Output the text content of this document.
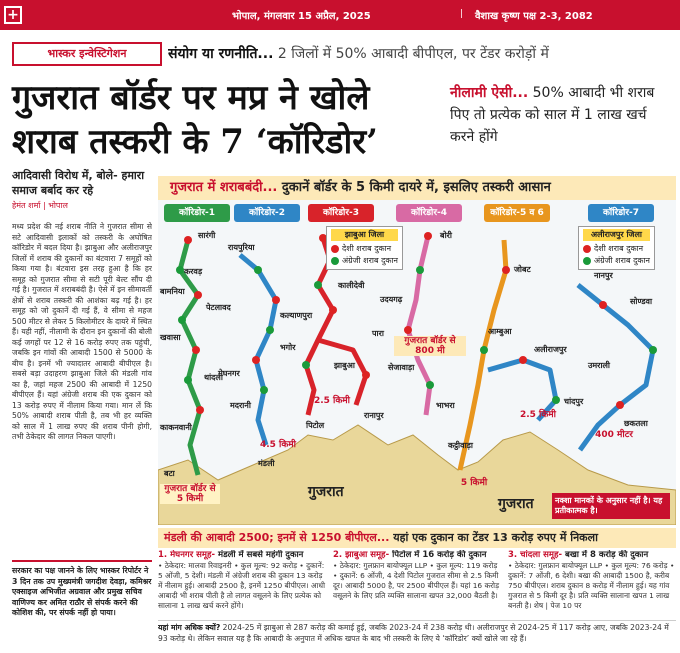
+	भोपाल, मंगलवार 15 अप्रैल, 2025	| वैशाख कृष्ण पक्ष 2-3, 2082
भास्कर इन्वेस्टिगेशन	संयोग या रणनीति... 2 जिलों में 50% आबादी बीपीएल, पर टेंडर करोड़ों में
गुजरात बॉर्डर पर मप्र ने खोले शराब तस्करी के 7 ‘कॉरिडोर’
नीलामी ऐसी... 50% आबादी भी शराब पिए तो प्रत्येक को साल में 1 लाख खर्च करने होंगे
आदिवासी विरोध में, बोले- हमारा समाज बर्बाद कर रहे
हेमंत शर्मा | भोपाल
मध्य प्रदेश की नई शराब नीति ने गुजरात सीमा से सटे आदिवासी इलाकों को तस्करी के अघोषित कॉरिडोर में बदल दिया है। झाबुआ और अलीराजपुर जिलों में शराब की दुकानों का बंटवारा 7 समूहों को किया गया है। बंटवारा इस तरह हुआ है कि हर समूह को गुजरात सीमा से सटी पूरी बेल्ट सौंप दी गई है। गुजरात में शराबबंदी है। ऐसे में इन सीमावर्ती क्षेत्रों से शराब तस्करी की आशंका बढ़ गई है। हर समूह को जो दुकानें दी गई हैं, वे सीमा से महज 500 मीटर से लेकर 5 किलोमीटर के दायरे में स्थित हैं। यही नहीं, नीलामी के दौरान इन दुकानों की बोली कई जगहों पर 12 से 16 करोड़ रुपए तक पहुंची, जबकि इन गांवों की आबादी 1500 से 5000 के बीच है। इनमें भी ज्यादातर आबादी बीपीएल है। सबसे बड़ा उदाहरण झाबुआ जिले की मंडली गांव का है, जहां महज 2500 की आबादी में 1250 बीपीएल हैं। यहां अंग्रेजी शराब की एक दुकान को 13 करोड़ रुपए में नीलाम किया गया। मान लें कि 50% आबादी शराब पीती है, तब भी हर व्यक्ति को साल में 1 लाख रुपए की शराब पीनी होगी, तभी ठेकेदार की लागत निकल पाएगी।
सरकार का पक्ष जानने के लिए भास्कर रिपोर्टर ने 3 दिन तक उप मुख्यमंत्री जगदीश देवड़ा, कमिश्नर एक्साइज अभिजीत अग्रवाल और प्रमुख सचिव वाणिज्य कर अमित राठौर से संपर्क करने की कोशिश की, पर संपर्क नहीं हो पाया।
गुजरात में शराबबंदी... दुकानें बॉर्डर के 5 किमी दायरे में, इसलिए तस्करी आसान
कॉरिडोर-1	कॉरिडोर-2	कॉरिडोर-3	कॉरिडोर-4	कॉरिडोर-5 व 6	कॉरिडोर-7
सारंगी
करवड़
बामनिया
पेटलावद
खवासा
थांदला
काकनवानी
बटा
रायपुरिया
कल्याणपुरा
भगोर
मेघनगर
मदरानी
मंडली
कालीदेवी
झाबुआ
पारा
पिटोल
रानापुर
बोरी
उदयगढ़
सेजावाड़ा
भाभरा
जोबट
आम्बुआ
अलीराजपुर
चांदपुर
कट्ठीवाड़ा
नानपुर
सोण्डवा
उमराली
छकतला
4.5 किमी
2.5 किमी
गुजरात बॉर्डर से 800 मी
2.5 किमी
400 मीटर
5 किमी
गुजरात बॉर्डर से 5 किमी
झाबुआ जिला
देशी शराब दुकान
अंग्रेजी शराब दुकान
अलीराजपुर जिला
देशी शराब दुकान
अंग्रेजी शराब दुकान
गुजरात
गुजरात	नक्शा मानकों के अनुसार नहीं है। यह प्रतीकात्मक है।
मंडली की आबादी 2500; इनमें से 1250 बीपीएल... यहां एक दुकान का टेंडर 13 करोड़ रुपए में निकला
1. मेघनगर समूह- मंडली में सबसे महंगी दुकान
• ठेकेदार: मालवा रिवाइनरी • कुल मूल्य: 92 करोड़ • दुकानें: 5 ओंजी, 5 देशी। मंडली में अंग्रेजी शराब की दुकान 13 करोड़ में नीलाम हुई। आबादी 2500 है, इनमें 1250 बीपीएल। आधी आबादी भी शराब पीती है तो लागत वसूलने के लिए प्रत्येक को सालाना 1 लाख खर्च करने होंगे।
2. झाबुआ समूह- पिटोल में 16 करोड़ की दुकान
• ठेकेदार: गुलफ्रान बायोफ्यूल LLP • कुल मूल्य: 119 करोड़ • दुकानें: 6 ओंजी, 4 देशी पिटोल गुजरात सीमा से 2.5 किमी दूर। आबादी 5000 है, पर 2500 बीपीएल हैं। यहां 16 करोड़ वसूलने के लिए प्रति व्यक्ति सालाना खपत 32,000 बैठती है।
3. चांदला समूह- बखा में 8 करोड़ की दुकान
• ठेकेदार: गुलफ्रान बायोफ्यूल LLP • कुल मूल्य: 76 करोड़ • दुकानें: 7 ओंजी, 6 देशी। बखा की आबादी 1500 है, करीब 750 बीपीएल। शराब दुकान 8 करोड़ में नीलाम हुई। यह गांव गुजरात से 5 किमी दूर है। प्रति व्यक्ति सालाना खपत 1 लाख बनती है। शेष | पेज 10 पर
यहां मांग अधिक क्यों? 2024-25 में झाबुआ से 287 करोड़ की कमाई हुई, जबकि 2023-24 में 238 करोड़ थी। अलीराजपुर से 2024-25 में 117 करोड़ आए, जबकि 2023-24 में 93 करोड़ थे। लेकिन सवाल यह है कि आबादी के अनुपात में अधिक खपत के बाद भी तस्करी के लिए ये ‘कॉरिडोर’ क्यों खोले जा रहे हैं।
